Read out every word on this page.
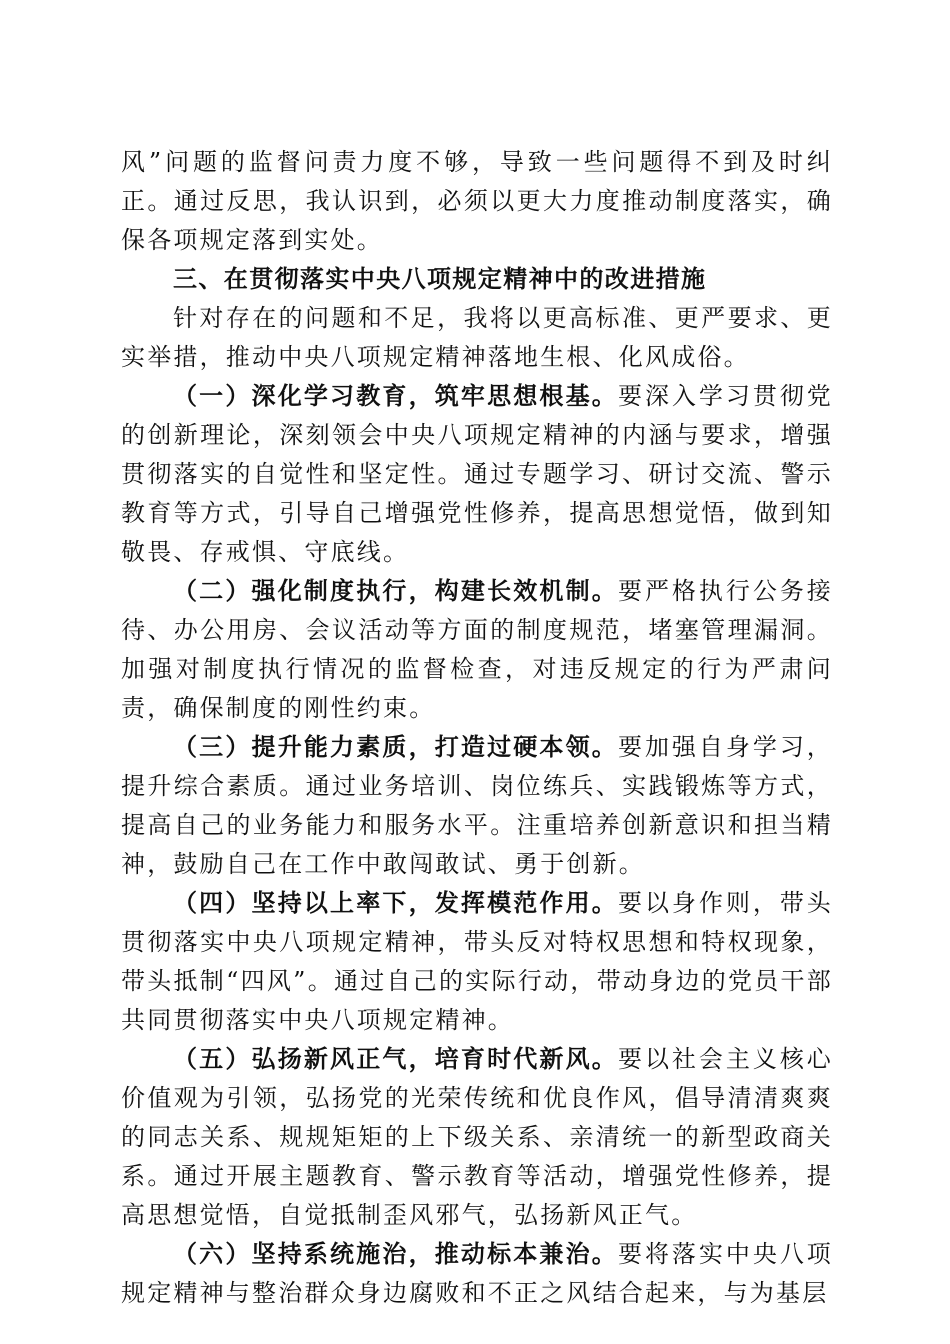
风”问题的监督问责力度不够，导致一些问题得不到及时纠正。通过反思，我认识到，必须以更大力度推动制度落实，确保各项规定落到实处。

三、在贯彻落实中央八项规定精神中的改进措施

针对存在的问题和不足，我将以更高标准、更严要求、更实举措，推动中央八项规定精神落地生根、化风成俗。

（一）深化学习教育，筑牢思想根基。要深入学习贯彻党的创新理论，深刻领会中央八项规定精神的内涵与要求，增强贯彻落实的自觉性和坚定性。通过专题学习、研讨交流、警示教育等方式，引导自己增强党性修养，提高思想觉悟，做到知敬畏、存戒惧、守底线。

（二）强化制度执行，构建长效机制。要严格执行公务接待、办公用房、会议活动等方面的制度规范，堵塞管理漏洞。加强对制度执行情况的监督检查，对违反规定的行为严肃问责，确保制度的刚性约束。

（三）提升能力素质，打造过硬本领。要加强自身学习，提升综合素质。通过业务培训、岗位练兵、实践锻炼等方式，提高自己的业务能力和服务水平。注重培养创新意识和担当精神，鼓励自己在工作中敢闯敢试、勇于创新。

（四）坚持以上率下，发挥模范作用。要以身作则，带头贯彻落实中央八项规定精神，带头反对特权思想和特权现象，带头抵制“四风”。通过自己的实际行动，带动身边的党员干部共同贯彻落实中央八项规定精神。

（五）弘扬新风正气，培育时代新风。要以社会主义核心价值观为引领，弘扬党的光荣传统和优良作风，倡导清清爽爽的同志关系、规规矩矩的上下级关系、亲清统一的新型政商关系。通过开展主题教育、警示教育等活动，增强党性修养，提高思想觉悟，自觉抵制歪风邪气，弘扬新风正气。

（六）坚持系统施治，推动标本兼治。要将落实中央八项规定精神与整治群众身边腐败和不正之风结合起来，与为基层
